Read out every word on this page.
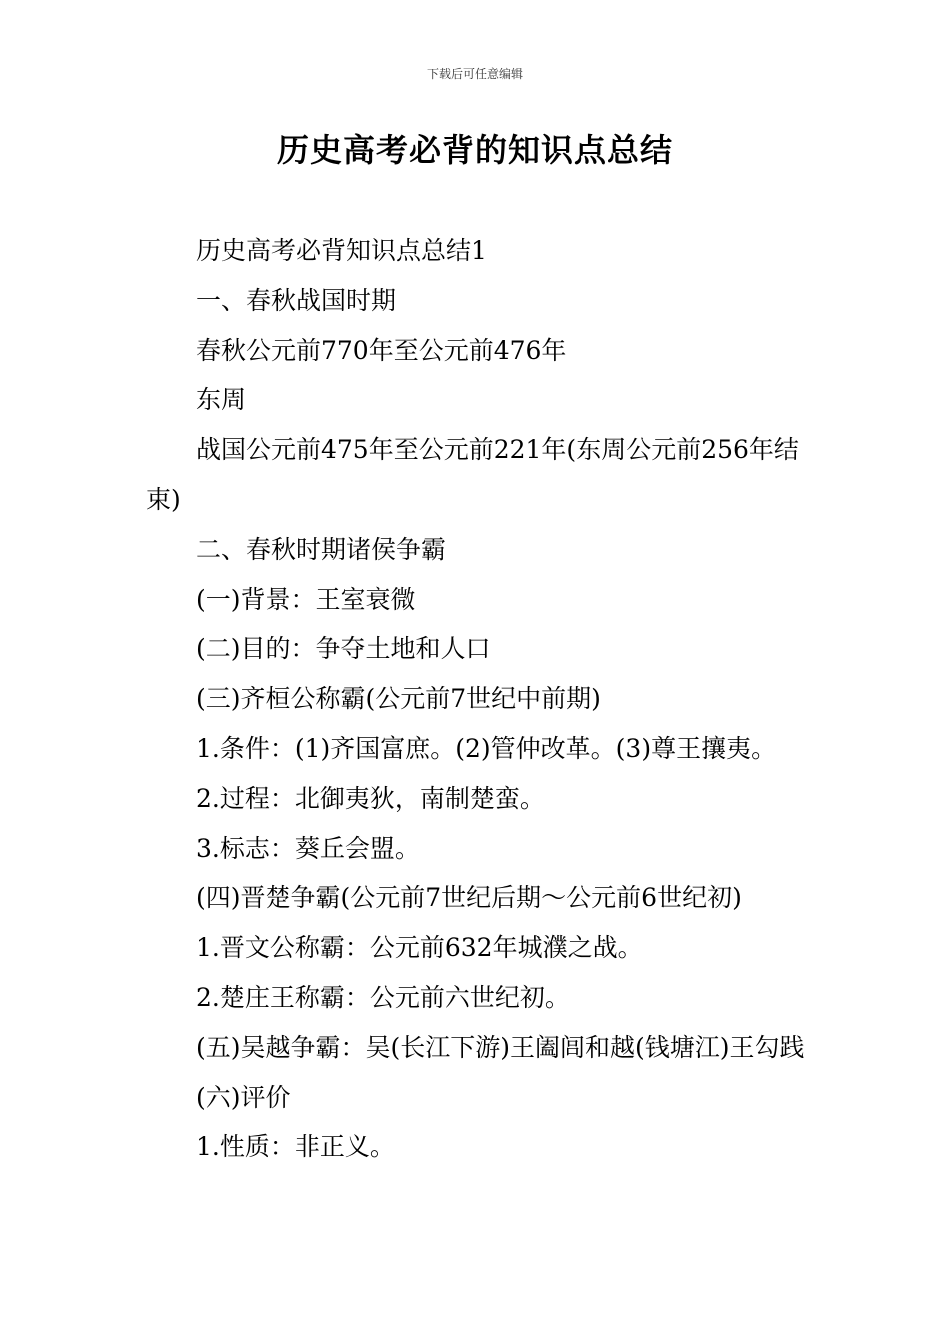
下载后可任意编辑
历史高考必背的知识点总结

历史高考必背知识点总结1

一、春秋战国时期

春秋公元前770年至公元前476年

东周

战国公元前475年至公元前221年(东周公元前256年结束)

二、春秋时期诸侯争霸

(一)背景：王室衰微

(二)目的：争夺土地和人口

(三)齐桓公称霸(公元前7世纪中前期)

1.条件：(1)齐国富庶。(2)管仲改革。(3)尊王攘夷。

2.过程：北御夷狄，南制楚蛮。

3.标志：葵丘会盟。

(四)晋楚争霸(公元前7世纪后期～公元前6世纪初)

1.晋文公称霸：公元前632年城濮之战。

2.楚庄王称霸：公元前六世纪初。

(五)吴越争霸：吴(长江下游)王阖闾和越(钱塘江)王勾践

(六)评价

1.性质：非正义。
